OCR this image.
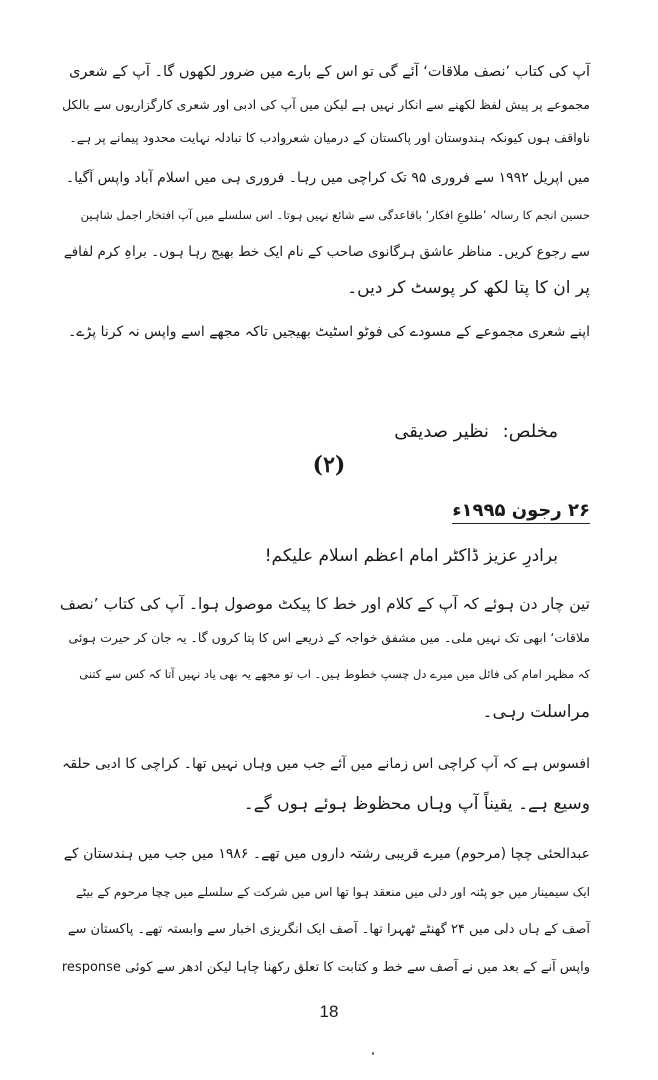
آپ کی کتاب ’نصف ملاقات‘ آئے گی تو اس کے بارے میں ضرور لکھوں گا۔ آپ کے شعری
مجموعے پر پیش لفظ لکھنے سے انکار نہیں ہے لیکن میں آپ کی ادبی اور شعری کارگزاریوں سے بالکل
ناواقف ہوں کیونکہ ہندوستان اور پاکستان کے درمیان شعروادب کا تبادلہ نہایت محدود پیمانے پر ہے۔
میں اپریل ۱۹۹۲ سے فروری ۹۵ تک کراچی میں رہا۔ فروری ہی میں اسلام آباد واپس آگیا۔
حسین انجم کا رسالہ ’طلوعِ افکار‘ باقاعدگی سے شائع نہیں ہوتا۔ اس سلسلے میں آپ افتخار اجمل شاہین
سے رجوع کریں۔ مناظر عاشق ہرگانوی صاحب کے نام ایک خط بھیج رہا ہوں۔ براہِ کرم لفافے
پر ان کا پتا لکھ کر پوسٹ کر دیں۔
اپنے شعری مجموعے کے مسودے کی فوٹو اسٹیٹ بھیجیں تاکہ مجھے اسے واپس نہ کرنا پڑے۔
مخلص: نظیر صدیقی
(۲)
۲۶ رجون ۱۹۹۵ء
برادرِ عزیز ڈاکٹر امام اعظم اسلام علیکم!
تین چار دن ہوئے کہ آپ کے کلام اور خط کا پیکٹ موصول ہوا۔ آپ کی کتاب ’نصف
ملاقات‘ ابھی تک نہیں ملی۔ میں مشفق خواجہ کے ذریعے اس کا پتا کروں گا۔ یہ جان کر حیرت ہوئی
کہ مظہر امام کی فائل میں میرے دل چسپ خطوط ہیں۔ اب تو مجھے یہ بھی یاد نہیں آتا کہ کس سے کتنی
مراسلت رہی۔
افسوس ہے کہ آپ کراچی اس زمانے میں آئے جب میں وہاں نہیں تھا۔ کراچی کا ادبی حلقہ
وسیع ہے۔ یقیناً آپ وہاں محظوظ ہوئے ہوں گے۔
عبدالحئی چچا (مرحوم) میرے قریبی رشتہ داروں میں تھے۔ ۱۹۸۶ میں جب میں ہندستان کے
ایک سیمینار میں جو پٹنہ اور دلی میں منعقد ہوا تھا اس میں شرکت کے سلسلے میں چچا مرحوم کے بیٹے
آصف کے ہاں دلی میں ۲۴ گھنٹے ٹھہرا تھا۔ آصف ایک انگریزی اخبار سے وابستہ تھے۔ پاکستان سے
واپس آنے کے بعد میں نے آصف سے خط و کتابت کا تعلق رکھنا چاہا لیکن ادھر سے کوئی response
18
